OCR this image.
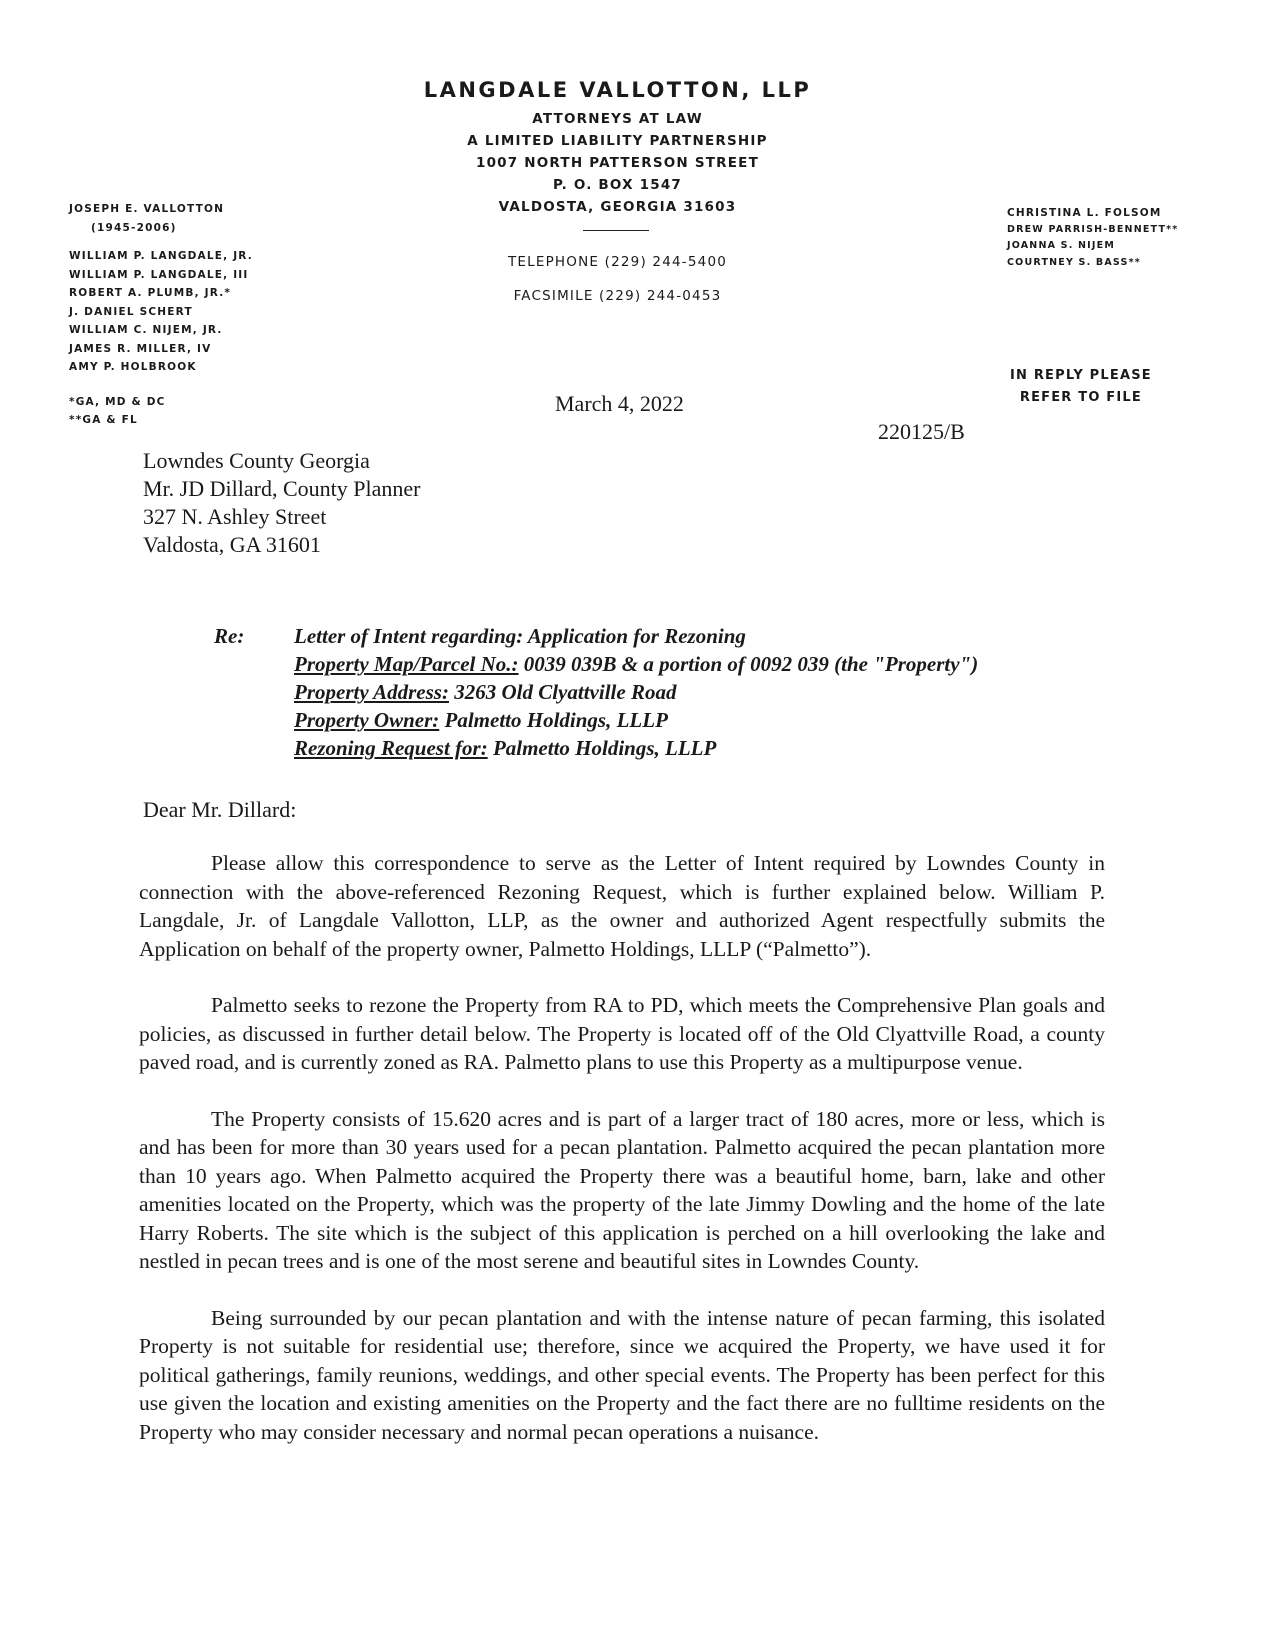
LANGDALE VALLOTTON, LLP
ATTORNEYS AT LAW
A LIMITED LIABILITY PARTNERSHIP
1007 NORTH PATTERSON STREET
P. O. BOX 1547
VALDOSTA, GEORGIA 31603
TELEPHONE (229) 244-5400
FACSIMILE (229) 244-0453
JOSEPH E. VALLOTTON
(1945-2006)
WILLIAM P. LANGDALE, JR.
WILLIAM P. LANGDALE, III
ROBERT A. PLUMB, JR.*
J. DANIEL SCHERT
WILLIAM C. NIJEM, JR.
JAMES R. MILLER, IV
AMY P. HOLBROOK
*GA, MD & DC
**GA & FL
CHRISTINA L. FOLSOM
DREW PARRISH-BENNETT**
JOANNA S. NIJEM
COURTNEY S. BASS**
IN REPLY PLEASE
REFER TO FILE
March 4, 2022
220125/B
Lowndes County Georgia
Mr. JD Dillard, County Planner
327 N. Ashley Street
Valdosta, GA 31601
Re:	Letter of Intent regarding: Application for Rezoning
Property Map/Parcel No.: 0039 039B & a portion of 0092 039 (the "Property")
Property Address: 3263 Old Clyattville Road
Property Owner: Palmetto Holdings, LLLP
Rezoning Request for: Palmetto Holdings, LLLP
Dear Mr. Dillard:

Please allow this correspondence to serve as the Letter of Intent required by Lowndes County in connection with the above-referenced Rezoning Request, which is further explained below. William P. Langdale, Jr. of Langdale Vallotton, LLP, as the owner and authorized Agent respectfully submits the Application on behalf of the property owner, Palmetto Holdings, LLLP (“Palmetto”).

Palmetto seeks to rezone the Property from RA to PD, which meets the Comprehensive Plan goals and policies, as discussed in further detail below. The Property is located off of the Old Clyattville Road, a county paved road, and is currently zoned as RA. Palmetto plans to use this Property as a multipurpose venue.

The Property consists of 15.620 acres and is part of a larger tract of 180 acres, more or less, which is and has been for more than 30 years used for a pecan plantation. Palmetto acquired the pecan plantation more than 10 years ago. When Palmetto acquired the Property there was a beautiful home, barn, lake and other amenities located on the Property, which was the property of the late Jimmy Dowling and the home of the late Harry Roberts. The site which is the subject of this application is perched on a hill overlooking the lake and nestled in pecan trees and is one of the most serene and beautiful sites in Lowndes County.

Being surrounded by our pecan plantation and with the intense nature of pecan farming, this isolated Property is not suitable for residential use; therefore, since we acquired the Property, we have used it for political gatherings, family reunions, weddings, and other special events. The Property has been perfect for this use given the location and existing amenities on the Property and the fact there are no fulltime residents on the Property who may consider necessary and normal pecan operations a nuisance.
